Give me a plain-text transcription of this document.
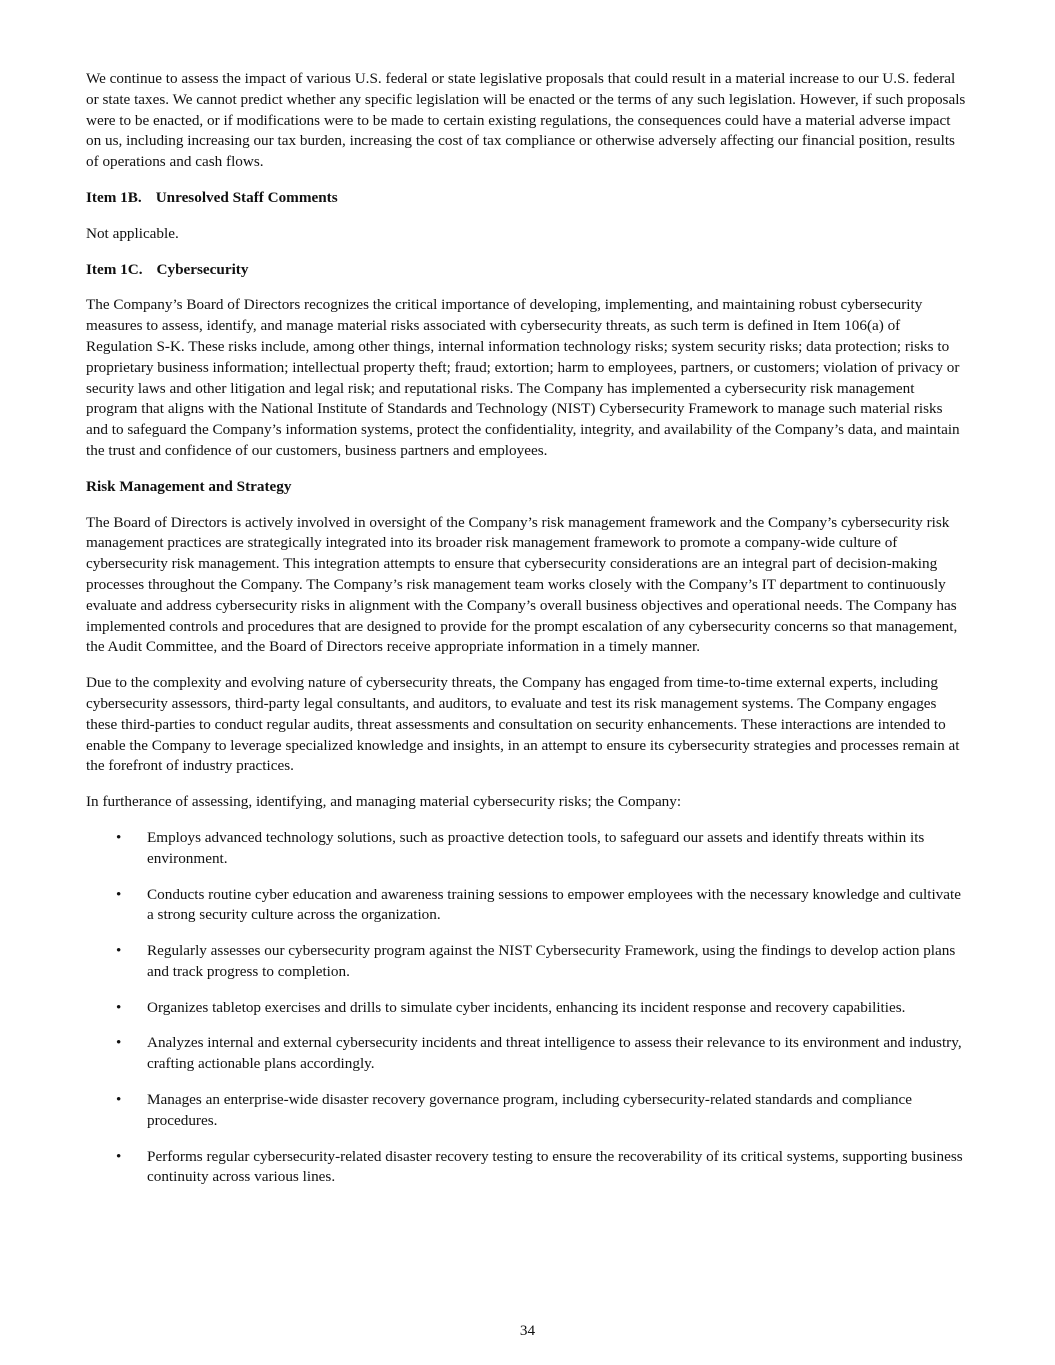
We continue to assess the impact of various U.S. federal or state legislative proposals that could result in a material increase to our U.S. federal or state taxes. We cannot predict whether any specific legislation will be enacted or the terms of any such legislation. However, if such proposals were to be enacted, or if modifications were to be made to certain existing regulations, the consequences could have a material adverse impact on us, including increasing our tax burden, increasing the cost of tax compliance or otherwise adversely affecting our financial position, results of operations and cash flows.

Item 1B. Unresolved Staff Comments

Not applicable.

Item 1C. Cybersecurity

The Company’s Board of Directors recognizes the critical importance of developing, implementing, and maintaining robust cybersecurity measures to assess, identify, and manage material risks associated with cybersecurity threats, as such term is defined in Item 106(a) of Regulation S-K. These risks include, among other things, internal information technology risks; system security risks; data protection; risks to proprietary business information; intellectual property theft; fraud; extortion; harm to employees, partners, or customers; violation of privacy or security laws and other litigation and legal risk; and reputational risks. The Company has implemented a cybersecurity risk management program that aligns with the National Institute of Standards and Technology (NIST) Cybersecurity Framework to manage such material risks and to safeguard the Company’s information systems, protect the confidentiality, integrity, and availability of the Company’s data, and maintain the trust and confidence of our customers, business partners and employees.

Risk Management and Strategy

The Board of Directors is actively involved in oversight of the Company’s risk management framework and the Company’s cybersecurity risk management practices are strategically integrated into its broader risk management framework to promote a company-wide culture of cybersecurity risk management. This integration attempts to ensure that cybersecurity considerations are an integral part of decision-making processes throughout the Company. The Company’s risk management team works closely with the Company’s IT department to continuously evaluate and address cybersecurity risks in alignment with the Company’s overall business objectives and operational needs. The Company has implemented controls and procedures that are designed to provide for the prompt escalation of any cybersecurity concerns so that management, the Audit Committee, and the Board of Directors receive appropriate information in a timely manner.

Due to the complexity and evolving nature of cybersecurity threats, the Company has engaged from time-to-time external experts, including cybersecurity assessors, third-party legal consultants, and auditors, to evaluate and test its risk management systems. The Company engages these third-parties to conduct regular audits, threat assessments and consultation on security enhancements. These interactions are intended to enable the Company to leverage specialized knowledge and insights, in an attempt to ensure its cybersecurity strategies and processes remain at the forefront of industry practices.

In furtherance of assessing, identifying, and managing material cybersecurity risks; the Company:

• Employs advanced technology solutions, such as proactive detection tools, to safeguard our assets and identify threats within its environment.
• Conducts routine cyber education and awareness training sessions to empower employees with the necessary knowledge and cultivate a strong security culture across the organization.
• Regularly assesses our cybersecurity program against the NIST Cybersecurity Framework, using the findings to develop action plans and track progress to completion.
• Organizes tabletop exercises and drills to simulate cyber incidents, enhancing its incident response and recovery capabilities.
• Analyzes internal and external cybersecurity incidents and threat intelligence to assess their relevance to its environment and industry, crafting actionable plans accordingly.
• Manages an enterprise-wide disaster recovery governance program, including cybersecurity-related standards and compliance procedures.
• Performs regular cybersecurity-related disaster recovery testing to ensure the recoverability of its critical systems, supporting business continuity across various lines.
34
